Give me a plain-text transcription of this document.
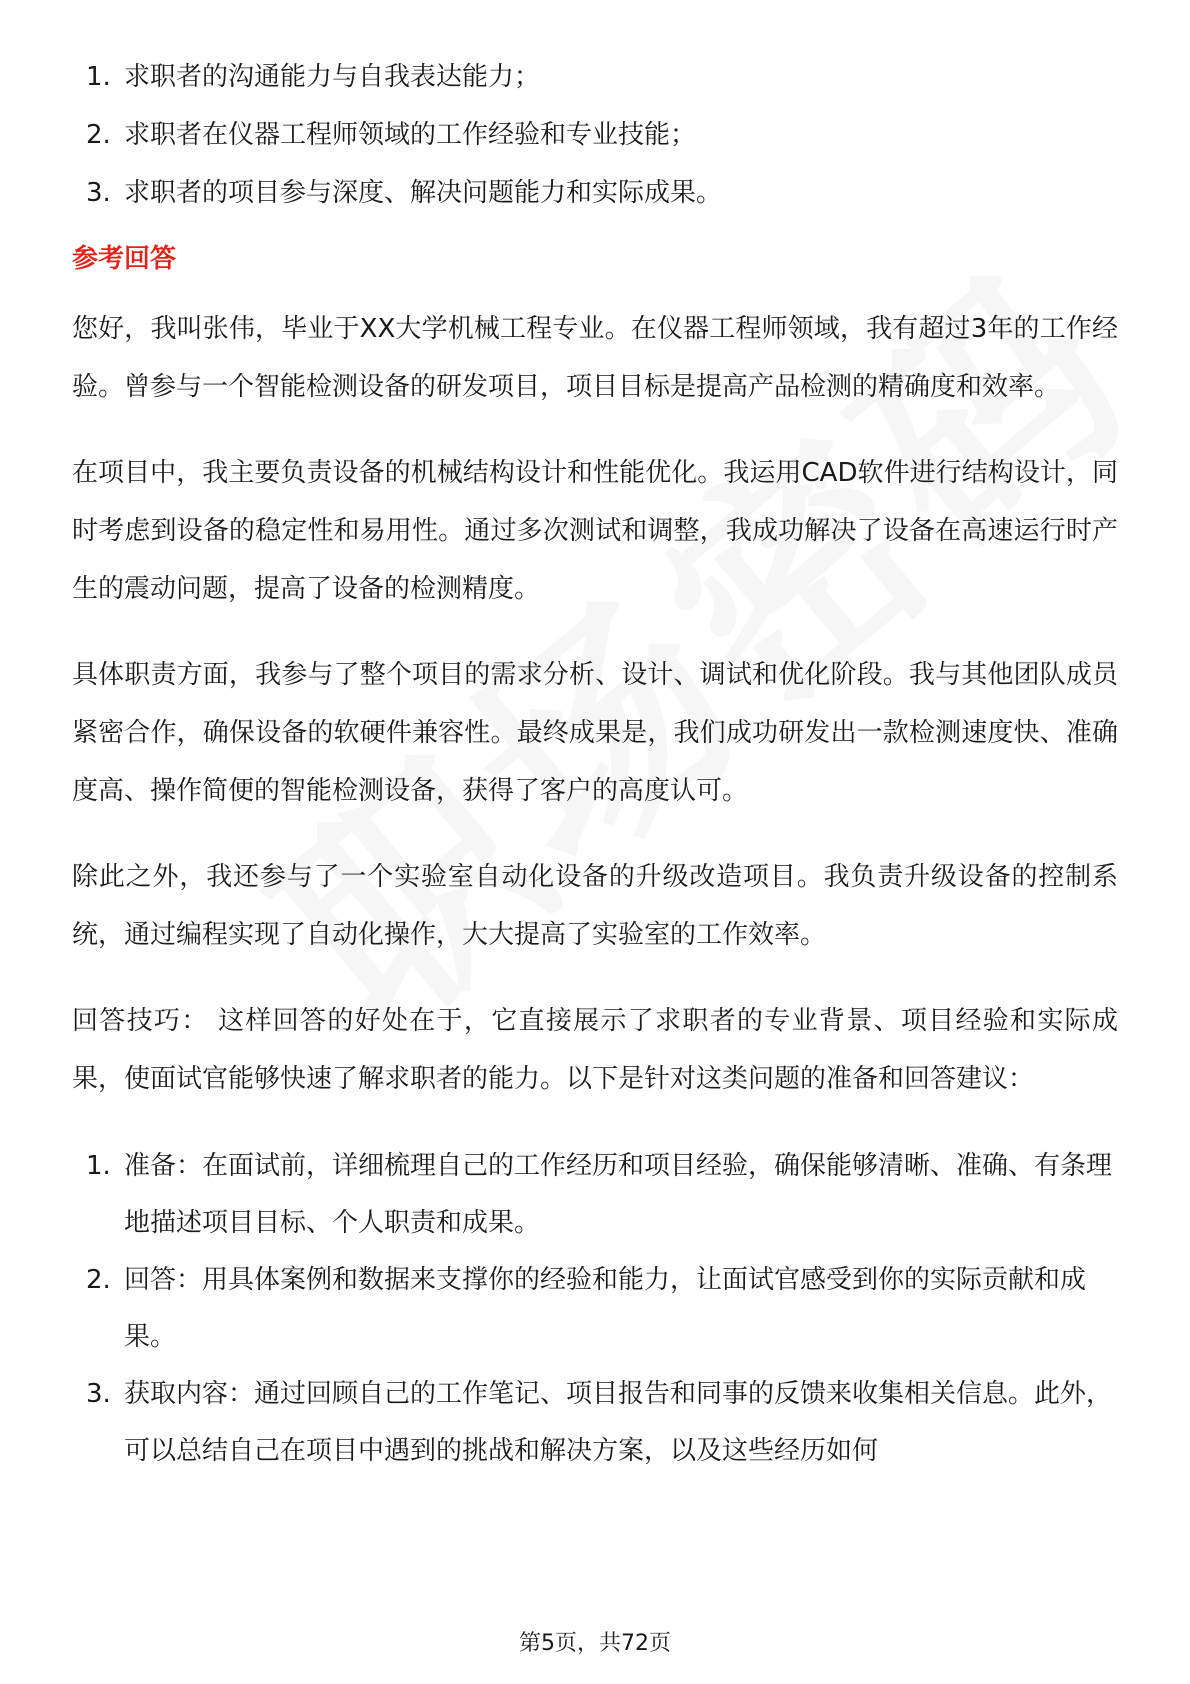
1. 求职者的沟通能力与自我表达能力；
2. 求职者在仪器工程师领域的工作经验和专业技能；
3. 求职者的项目参与深度、解决问题能力和实际成果。
参考回答

您好，我叫张伟，毕业于XX大学机械工程专业。在仪器工程师领域，我有超过3年的工作经验。曾参与一个智能检测设备的研发项目，项目目标是提高产品检测的精确度和效率。

在项目中，我主要负责设备的机械结构设计和性能优化。我运用CAD软件进行结构设计，同时考虑到设备的稳定性和易用性。通过多次测试和调整，我成功解决了设备在高速运行时产生的震动问题，提高了设备的检测精度。

具体职责方面，我参与了整个项目的需求分析、设计、调试和优化阶段。我与其他团队成员紧密合作，确保设备的软硬件兼容性。最终成果是，我们成功研发出一款检测速度快、准确度高、操作简便的智能检测设备，获得了客户的高度认可。

除此之外，我还参与了一个实验室自动化设备的升级改造项目。我负责升级设备的控制系统，通过编程实现了自动化操作，大大提高了实验室的工作效率。

回答技巧： 这样回答的好处在于，它直接展示了求职者的专业背景、项目经验和实际成果，使面试官能够快速了解求职者的能力。以下是针对这类问题的准备和回答建议：

1. 准备：在面试前，详细梳理自己的工作经历和项目经验，确保能够清晰、准确、有条理地描述项目目标、个人职责和成果。
2. 回答：用具体案例和数据来支撑你的经验和能力，让面试官感受到你的实际贡献和成果。
3. 获取内容：通过回顾自己的工作笔记、项目报告和同事的反馈来收集相关信息。此外，可以总结自己在项目中遇到的挑战和解决方案，以及这些经历如何
第5页，共72页
